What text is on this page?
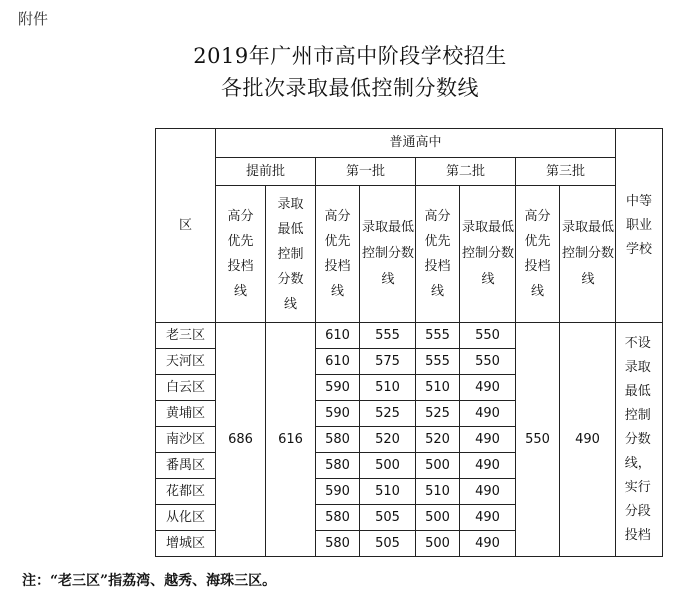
附件
2019年广州市高中阶段学校招生
各批次录取最低控制分数线
区	普通高中								中等职业学校
	提前批		第一批		第二批		第三批		
	高分优先投档线	录取最低控制分数线	高分优先投档线	录取最低控制分数线	高分优先投档线	录取最低控制分数线	高分优先投档线	录取最低控制分数线	
老三区	686	616	610	555	555	550	550	490	不设录取最低控制分数线，实行分段投档
天河区			610	575	555	550			
白云区			590	510	510	490			
黄埔区			590	525	525	490			
南沙区			580	520	520	490			
番禺区			580	500	500	490			
花都区			590	510	510	490			
从化区			580	505	500	490			
增城区			580	505	500	490			
注：“老三区”指荔湾、越秀、海珠三区。
